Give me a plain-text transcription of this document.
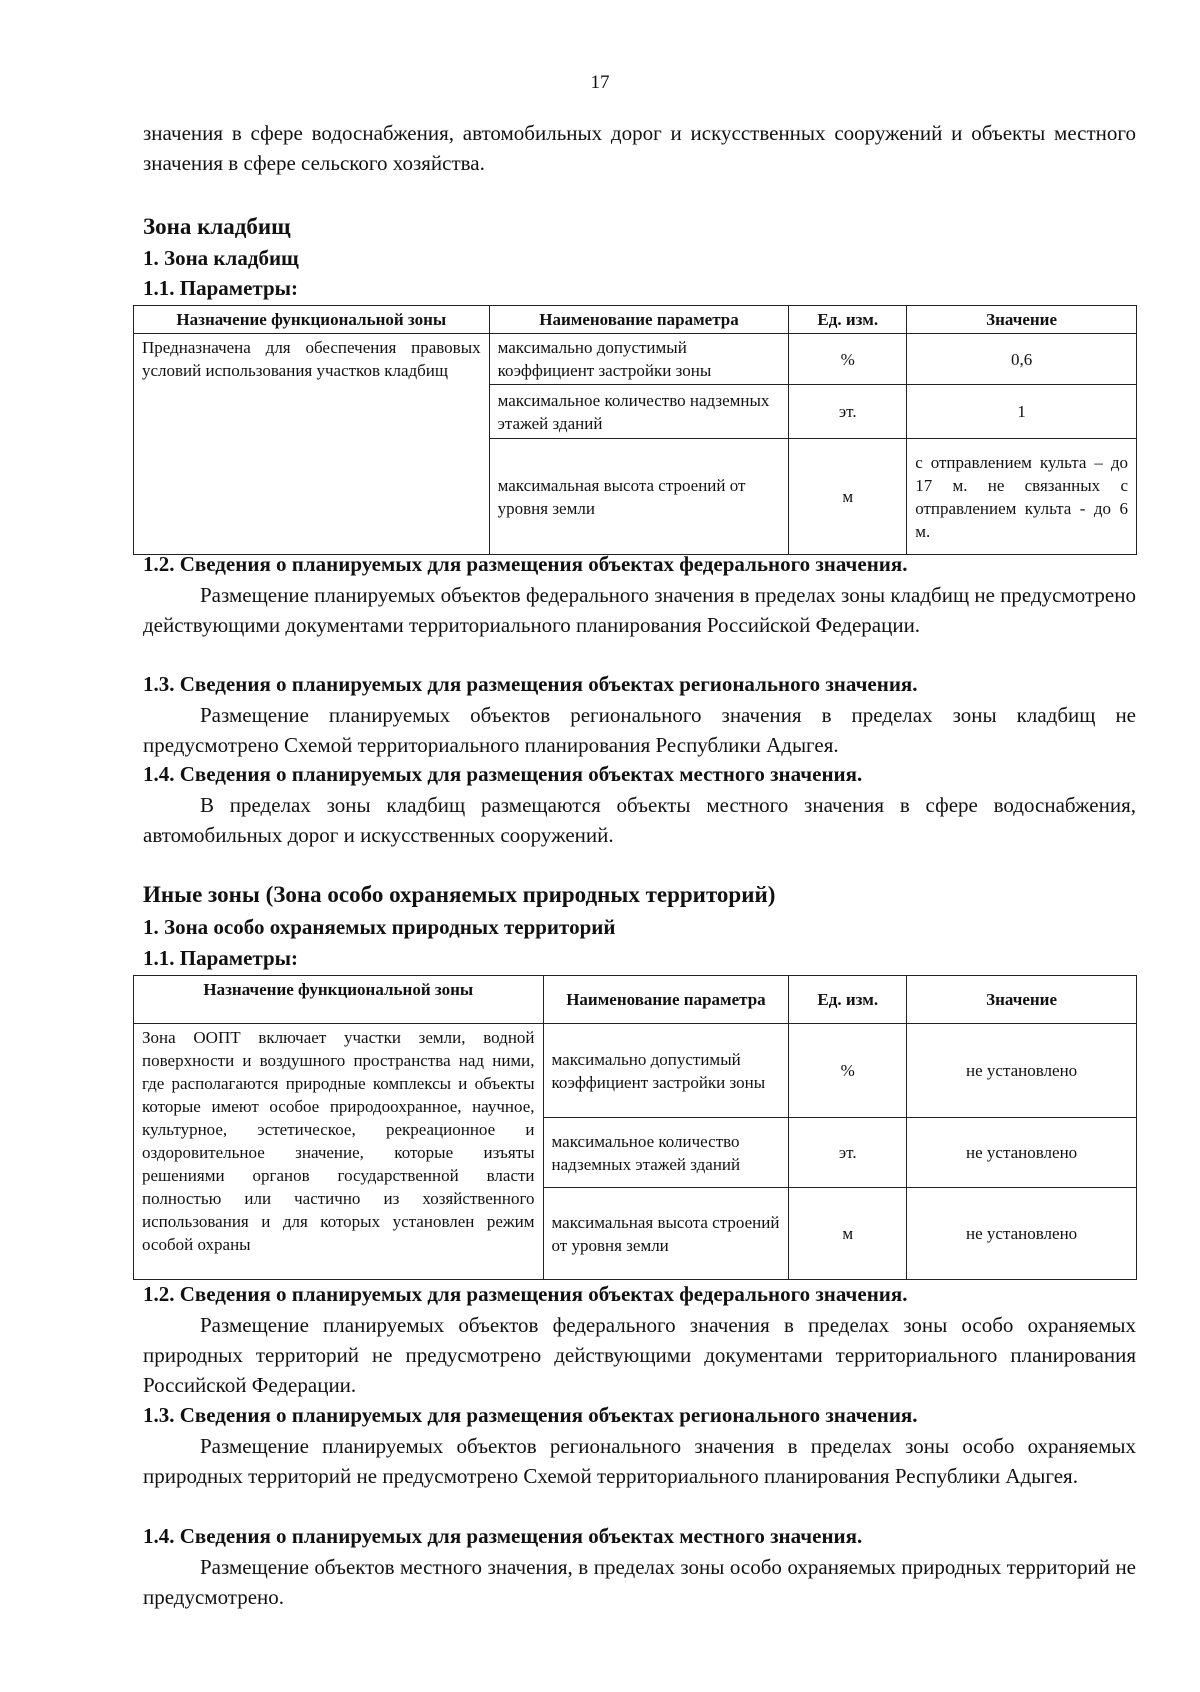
17
значения в сфере водоснабжения, автомобильных дорог и искусственных сооружений и объекты местного значения в сфере сельского хозяйства.
Зона кладбищ
1. Зона кладбищ
1.1. Параметры:
Назначение функциональной зоны	Наименование параметра	Ед. изм.	Значение
Предназначена для обеспечения правовых условий использования участков кладбищ	максимально допустимый коэффициент застройки зоны	%	0,6
	максимальное количество надземных этажей зданий	эт.	1
	максимальная высота строений от уровня земли	м	с отправлением культа – до 17 м. не связанных с отправлением культа - до 6 м.
1.2. Сведения о планируемых для размещения объектах федерального значения.
Размещение планируемых объектов федерального значения в пределах зоны кладбищ не предусмотрено действующими документами территориального планирования Российской Федерации.
1.3. Сведения о планируемых для размещения объектах регионального значения.
Размещение планируемых объектов регионального значения в пределах зоны кладбищ не предусмотрено Схемой территориального планирования Республики Адыгея.
1.4. Сведения о планируемых для размещения объектах местного значения.
В пределах зоны кладбищ размещаются объекты местного значения в сфере водоснабжения, автомобильных дорог и искусственных сооружений.
Иные зоны (Зона особо охраняемых природных территорий)
1. Зона особо охраняемых природных территорий
1.1. Параметры:
Назначение функциональной зоны	Наименование параметра	Ед. изм.	Значение
Зона ООПТ включает участки земли, водной поверхности и воздушного пространства над ними, где располагаются природные комплексы и объекты которые имеют особое природоохранное, научное, культурное, эстетическое, рекреационное и оздоровительное значение, которые изъяты решениями органов государственной власти полностью или частично из хозяйственного использования и для которых установлен режим особой охраны	максимально допустимый коэффициент застройки зоны	%	не установлено
	максимальное количество надземных этажей зданий	эт.	не установлено
	максимальная высота строений от уровня земли	м	не установлено
1.2. Сведения о планируемых для размещения объектах федерального значения.
Размещение планируемых объектов федерального значения в пределах зоны особо охраняемых природных территорий не предусмотрено действующими документами территориального планирования Российской Федерации.
1.3. Сведения о планируемых для размещения объектах регионального значения.
Размещение планируемых объектов регионального значения в пределах зоны особо охраняемых природных территорий не предусмотрено Схемой территориального планирования Республики Адыгея.
1.4. Сведения о планируемых для размещения объектах местного значения.
Размещение объектов местного значения, в пределах зоны особо охраняемых природных территорий не предусмотрено.
